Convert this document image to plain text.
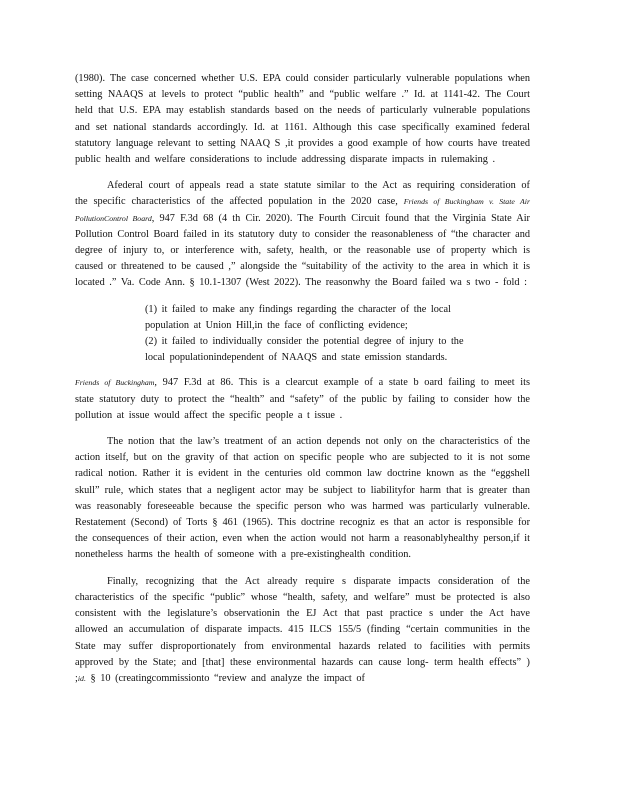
(1980). The case concerned whether U.S. EPA could consider particularly vulnerable populations when setting NAAQS at levels to protect “public health” and “public welfare .” Id. at 1141-42. The Court held that U.S. EPA may establish standards based on the needs of particularly vulnerable populations and set national standards accordingly. Id. at 1161. Although this case specifically examined federal statutory language relevant to setting NAAQ S ,it provides a good example of how courts have treated public health and welfare considerations to include addressing disparate impacts in rulemaking .

Afederal court of appeals read a state statute similar to the Act as requiring consideration of the specific characteristics of the affected population in the 2020 case, Friends of Buckingham v. State Air PollutionControl Board, 947 F.3d 68 (4 th Cir. 2020). The Fourth Circuit found that the Virginia State Air Pollution Control Board failed in its statutory duty to consider the reasonableness of “the character and degree of injury to, or interference with, safety, health, or the reasonable use of property which is caused or threatened to be caused ,” alongside the “suitability of the activity to the area in which it is located .” Va. Code Ann. § 10.1-1307 (West 2022). The reasonwhy the Board failed wa s two - fold :

(1) it failed to make any findings regarding the character of the local population at Union Hill,in the face of conflicting evidence;

(2) it failed to individually consider the potential degree of injury to the local populationindependent of NAAQS and state emission standards.

Friends of Buckingham, 947 F.3d at 86. This is a clearcut example of a state b oard failing to meet its state statutory duty to protect the “health” and “safety” of the public by failing to consider how the pollution at issue would affect the specific people a t issue .

The notion that the law’s treatment of an action depends not only on the characteristics of the action itself, but on the gravity of that action on specific people who are subjected to it is not some radical notion. Rather it is evident in the centuries old common law doctrine known as the “eggshell skull” rule, which states that a negligent actor may be subject to liabilityfor harm that is greater than was reasonably foreseeable because the specific person who was harmed was particularly vulnerable. Restatement (Second) of Torts § 461 (1965). This doctrine recogniz es that an actor is responsible for the consequences of their action, even when the action would not harm a reasonablyhealthy person,if it nonetheless harms the health of someone with a pre-existinghealth condition.

Finally, recognizing that the Act already require s disparate impacts consideration of the characteristics of the specific “public” whose “health, safety, and welfare” must be protected is also consistent with the legislature’s observationin the EJ Act that past practice s under the Act have allowed an accumulation of disparate impacts. 415 ILCS 155/5 (finding “certain communities in the State may suffer disproportionately from environmental hazards related to facilities with permits approved by the State; and [that] these environmental hazards can cause long- term health effects” ) ;id. § 10 (creatingcommissionto “review and analyze the impact of
